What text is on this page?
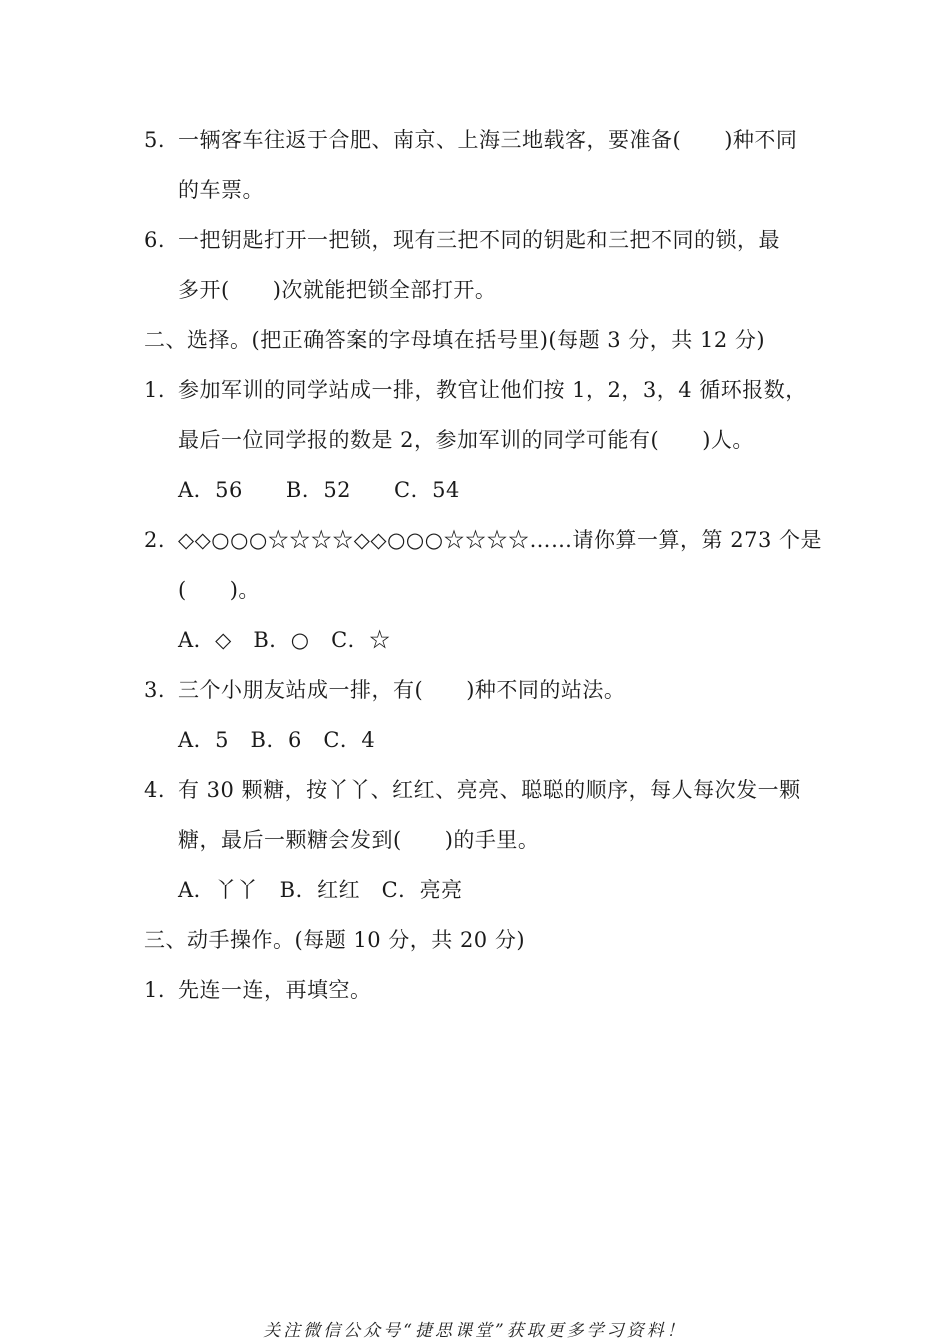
5. 一辆客车往返于合肥、南京、上海三地载客，要准备(　　)种不同
的车票。
6. 一把钥匙打开一把锁，现有三把不同的钥匙和三把不同的锁，最
多开(　　)次就能把锁全部打开。
二、选择。(把正确答案的字母填在括号里)(每题 3 分，共 12 分)
1. 参加军训的同学站成一排，教官让他们按 1，2，3，4 循环报数，
最后一位同学报的数是 2，参加军训的同学可能有(　　)人。
A．56　　B．52　　C．54
2. ◇◇○○○☆☆☆☆◇◇○○○☆☆☆☆……请你算一算，第 273 个是
(　　)。
A．◇　B．○　C．☆
3. 三个小朋友站成一排，有(　　)种不同的站法。
A．5　B．6　C．4
4. 有 30 颗糖，按丫丫、红红、亮亮、聪聪的顺序，每人每次发一颗
糖，最后一颗糖会发到(　　)的手里。
A．丫丫　B．红红　C．亮亮
三、动手操作。(每题 10 分，共 20 分)
1. 先连一连，再填空。
关注微信公众号“捷思课堂”获取更多学习资料！
